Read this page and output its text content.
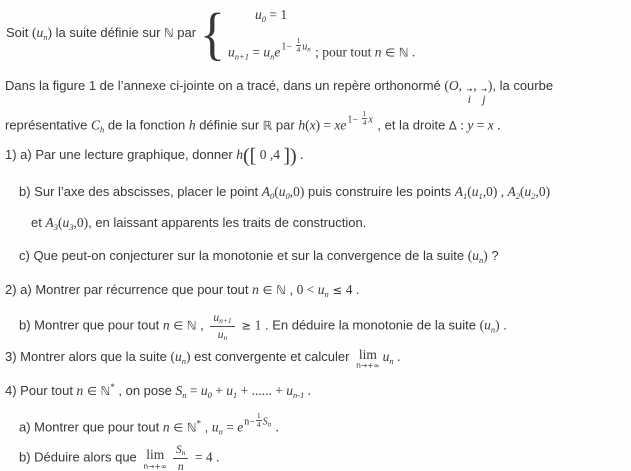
Soit $(u_n)$ la suite définie sur ℕ par { $u_0 = 1$
$u_{n+1} = u_ne1- \frac{1}{4}$ un ; pour tout n ∈ ℕ .
Dans la figure 1 de l’annexe ci-jointe on a tracé, dans un repère orthonormé (O, →
i
, →
j
), la courbe
représentative $C_h$ de la fonction h définie sur ℝ par $h(x) = xe1- \frac{1}{4}$ x , et la droite Δ : y = x .
1) a) Par une lecture graphique, donner h([ 0 ,4 ]) .
b) Sur l’axe des abscisses, placer le point $A_0(u_0,0)$ puis construire les points $A_1(u_1,0)$ , $A_2(u_2,0)$
et $A_3(u_3,0)$, en laissant apparents les traits de construction.
c) Que peut-on conjecturer sur la monotonie et sur la convergence de la suite $(u_n)$ ?
2) a) Montrer par récurrence que pour tout n ∈ ℕ , $0 < u_n \le 4$ .
b) Montrer que pour tout n ∈ ℕ , $\frac{un+1}{un} \ge 1$ . En déduire la monotonie de la suite $(u_n)$ .
3) Montrer alors que la suite $(u_n)$ est convergente et calculer lim
n→+∞
$u_n$ .
4) Pour tout n ∈ ℕ* , on pose $S_n = u_0 + u_1$ + ...... + $u_{n-1}$ .
a) Montrer que pour tout n ∈ ℕ* , $u_n = en- \frac{1}{4}$ Sn .
b) Déduire alors que lim
$n\to+\infty \frac{Sn}{n} = 4$ .
